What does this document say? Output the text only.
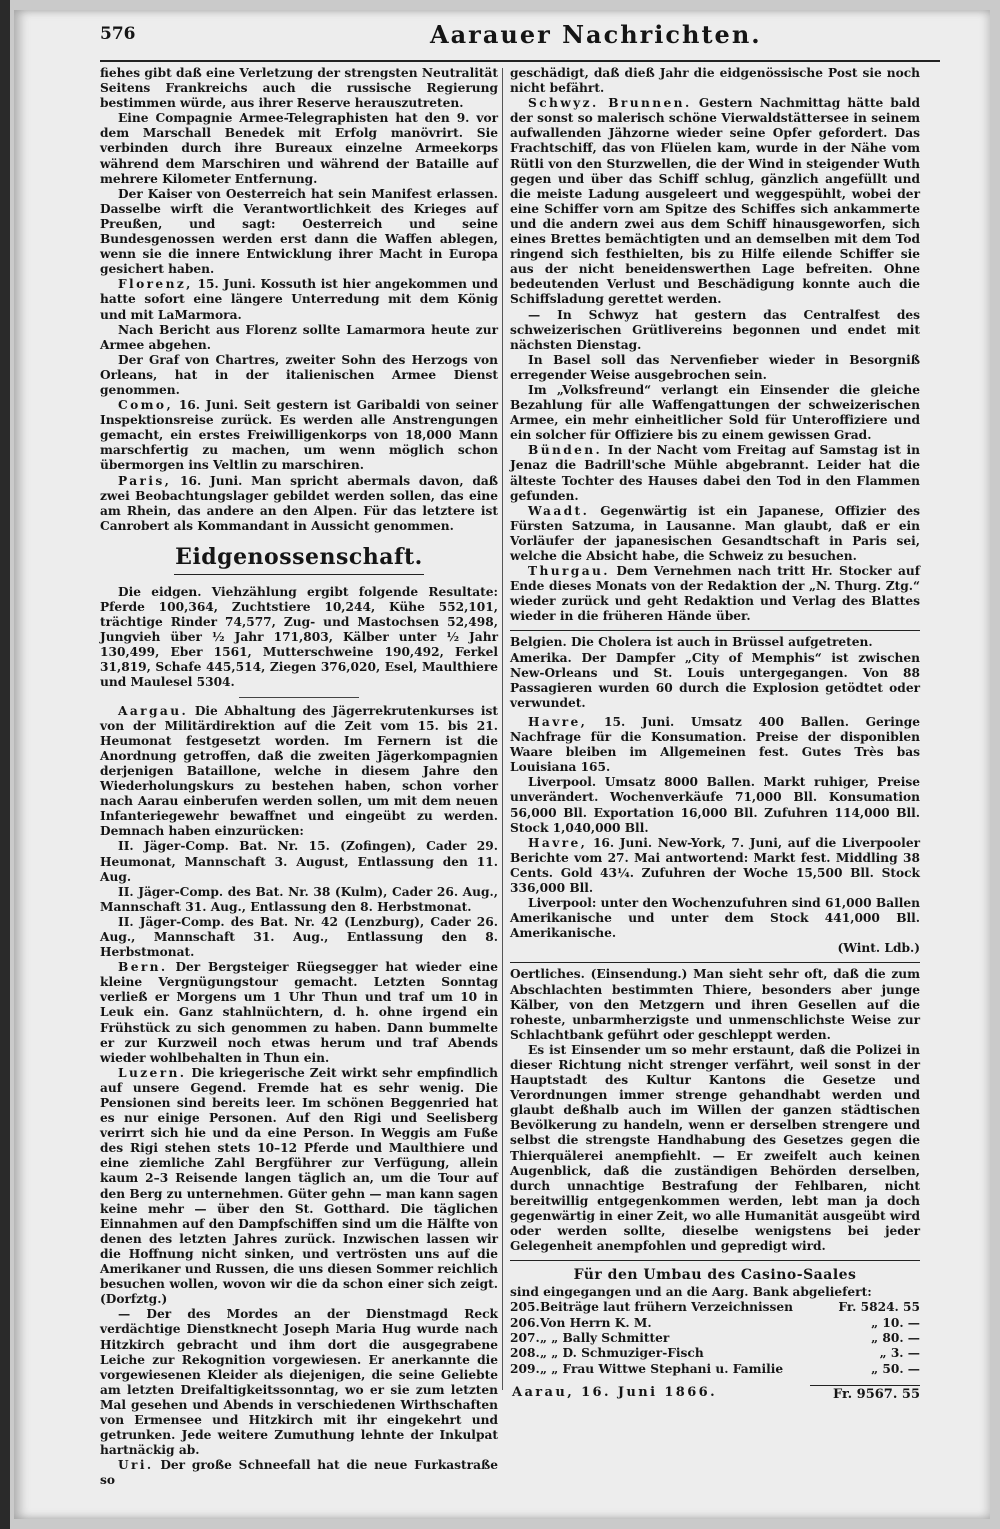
576	Aarauer Nachrichten.

fiehes gibt daß eine Verletzung der strengsten Neutralität Seitens Frankreichs auch die russische Regierung bestimmen würde, aus ihrer Reserve herauszutreten.

Eine Compagnie Armee-Telegraphisten hat den 9. vor dem Marschall Benedek mit Erfolg manövrirt. Sie verbinden durch ihre Bureaux einzelne Armeekorps während dem Marschiren und während der Bataille auf mehrere Kilometer Entfernung.

Der Kaiser von Oesterreich hat sein Manifest erlassen. Dasselbe wirft die Verantwortlichkeit des Krieges auf Preußen, und sagt: Oesterreich und seine Bundesgenossen werden erst dann die Waffen ablegen, wenn sie die innere Entwicklung ihrer Macht in Europa gesichert haben.

Florenz, 15. Juni. Kossuth ist hier angekommen und hatte sofort eine längere Unterredung mit dem König und mit LaMarmora.

Nach Bericht aus Florenz sollte Lamarmora heute zur Armee abgehen.

Der Graf von Chartres, zweiter Sohn des Herzogs von Orleans, hat in der italienischen Armee Dienst genommen.

Como, 16. Juni. Seit gestern ist Garibaldi von seiner Inspektionsreise zurück. Es werden alle Anstrengungen gemacht, ein erstes Freiwilligenkorps von 18,000 Mann marschfertig zu machen, um wenn möglich schon übermorgen ins Veltlin zu marschiren.

Paris, 16. Juni. Man spricht abermals davon, daß zwei Beobachtungslager gebildet werden sollen, das eine am Rhein, das andere an den Alpen. Für das letztere ist Canrobert als Kommandant in Aussicht genommen.

Eidgenossenschaft.

Die eidgen. Viehzählung ergibt folgende Resultate: Pferde 100,364, Zuchtstiere 10,244, Kühe 552,101, trächtige Rinder 74,577, Zug- und Mastochsen 52,498, Jungvieh über ½ Jahr 171,803, Kälber unter ½ Jahr 130,499, Eber 1561, Mutterschweine 190,492, Ferkel 31,819, Schafe 445,514, Ziegen 376,020, Esel, Maulthiere und Maulesel 5304.

Aargau. Die Abhaltung des Jägerrekrutenkurses ist von der Militärdirektion auf die Zeit vom 15. bis 21. Heumonat festgesetzt worden. Im Fernern ist die Anordnung getroffen, daß die zweiten Jägerkompagnien derjenigen Bataillone, welche in diesem Jahre den Wiederholungskurs zu bestehen haben, schon vorher nach Aarau einberufen werden sollen, um mit dem neuen Infanteriegewehr bewaffnet und eingeübt zu werden. Demnach haben einzurücken:

II. Jäger-Comp. Bat. Nr. 15. (Zofingen), Cader 29. Heumonat, Mannschaft 3. August, Entlassung den 11. Aug.

II. Jäger-Comp. des Bat. Nr. 38 (Kulm), Cader 26. Aug., Mannschaft 31. Aug., Entlassung den 8. Herbstmonat.

II. Jäger-Comp. des Bat. Nr. 42 (Lenzburg), Cader 26. Aug., Mannschaft 31. Aug., Entlassung den 8. Herbstmonat.

Bern. Der Bergsteiger Rüegsegger hat wieder eine kleine Vergnügungstour gemacht. Letzten Sonntag verließ er Morgens um 1 Uhr Thun und traf um 10 in Leuk ein. Ganz stahlnüchtern, d. h. ohne irgend ein Frühstück zu sich genommen zu haben. Dann bummelte er zur Kurzweil noch etwas herum und traf Abends wieder wohlbehalten in Thun ein.

Luzern. Die kriegerische Zeit wirkt sehr empfindlich auf unsere Gegend. Fremde hat es sehr wenig. Die Pensionen sind bereits leer. Im schönen Beggenried hat es nur einige Personen. Auf den Rigi und Seelisberg verirrt sich hie und da eine Person. In Weggis am Fuße des Rigi stehen stets 10–12 Pferde und Maulthiere und eine ziemliche Zahl Bergführer zur Verfügung, allein kaum 2–3 Reisende langen täglich an, um die Tour auf den Berg zu unternehmen. Güter gehn — man kann sagen keine mehr — über den St. Gotthard. Die täglichen Einnahmen auf den Dampfschiffen sind um die Hälfte von denen des letzten Jahres zurück. Inzwischen lassen wir die Hoffnung nicht sinken, und vertrösten uns auf die Amerikaner und Russen, die uns diesen Sommer reichlich besuchen wollen, wovon wir die da schon einer sich zeigt. (Dorfztg.)

— Der des Mordes an der Dienstmagd Reck verdächtige Dienstknecht Joseph Maria Hug wurde nach Hitzkirch gebracht und ihm dort die ausgegrabene Leiche zur Rekognition vorgewiesen. Er anerkannte die vorgewiesenen Kleider als diejenigen, die seine Geliebte am letzten Dreifaltigkeitssonntag, wo er sie zum letzten Mal gesehen und Abends in verschiedenen Wirthschaften von Ermensee und Hitzkirch mit ihr eingekehrt und getrunken. Jede weitere Zumuthung lehnte der Inkulpat hartnäckig ab.

Uri. Der große Schneefall hat die neue Furkastraße so

geschädigt, daß dieß Jahr die eidgenössische Post sie noch nicht befährt.

Schwyz. Brunnen. Gestern Nachmittag hätte bald der sonst so malerisch schöne Vierwaldstättersee in seinem aufwallenden Jähzorne wieder seine Opfer gefordert. Das Frachtschiff, das von Flüelen kam, wurde in der Nähe vom Rütli von den Sturzwellen, die der Wind in steigender Wuth gegen und über das Schiff schlug, gänzlich angefüllt und die meiste Ladung ausgeleert und weggespühlt, wobei der eine Schiffer vorn am Spitze des Schiffes sich ankammerte und die andern zwei aus dem Schiff hinausgeworfen, sich eines Brettes bemächtigten und an demselben mit dem Tod ringend sich festhielten, bis zu Hilfe eilende Schiffer sie aus der nicht beneidenswerthen Lage befreiten. Ohne bedeutenden Verlust und Beschädigung konnte auch die Schiffsladung gerettet werden.

— In Schwyz hat gestern das Centralfest des schweizerischen Grütlivereins begonnen und endet mit nächsten Dienstag.

In Basel soll das Nervenfieber wieder in Besorgniß erregender Weise ausgebrochen sein.

Im „Volksfreund“ verlangt ein Einsender die gleiche Bezahlung für alle Waffengattungen der schweizerischen Armee, ein mehr einheitlicher Sold für Unteroffiziere und ein solcher für Offiziere bis zu einem gewissen Grad.

Bünden. In der Nacht vom Freitag auf Samstag ist in Jenaz die Badrill'sche Mühle abgebrannt. Leider hat die älteste Tochter des Hauses dabei den Tod in den Flammen gefunden.

Waadt. Gegenwärtig ist ein Japanese, Offizier des Fürsten Satzuma, in Lausanne. Man glaubt, daß er ein Vorläufer der japanesischen Gesandtschaft in Paris sei, welche die Absicht habe, die Schweiz zu besuchen.

Thurgau. Dem Vernehmen nach tritt Hr. Stocker auf Ende dieses Monats von der Redaktion der „N. Thurg. Ztg.“ wieder zurück und geht Redaktion und Verlag des Blattes wieder in die früheren Hände über.

Belgien. Die Cholera ist auch in Brüssel aufgetreten.

Amerika. Der Dampfer „City of Memphis“ ist zwischen New-Orleans und St. Louis untergegangen. Von 88 Passagieren wurden 60 durch die Explosion getödtet oder verwundet.

Havre, 15. Juni. Umsatz 400 Ballen. Geringe Nachfrage für die Konsumation. Preise der disponiblen Waare bleiben im Allgemeinen fest. Gutes Très bas Louisiana 165.

Liverpool. Umsatz 8000 Ballen. Markt ruhiger, Preise unverändert. Wochenverkäufe 71,000 Bll. Konsumation 56,000 Bll. Exportation 16,000 Bll. Zufuhren 114,000 Bll. Stock 1,040,000 Bll.

Havre, 16. Juni. New-York, 7. Juni, auf die Liverpooler Berichte vom 27. Mai antwortend: Markt fest. Middling 38 Cents. Gold 43¼. Zufuhren der Woche 15,500 Bll. Stock 336,000 Bll.

Liverpool: unter den Wochenzufuhren sind 61,000 Ballen Amerikanische und unter dem Stock 441,000 Bll. Amerikanische.

(Wint. Ldb.)

Oertliches. (Einsendung.) Man sieht sehr oft, daß die zum Abschlachten bestimmten Thiere, besonders aber junge Kälber, von den Metzgern und ihren Gesellen auf die roheste, unbarmherzigste und unmenschlichste Weise zur Schlachtbank geführt oder geschleppt werden.

Es ist Einsender um so mehr erstaunt, daß die Polizei in dieser Richtung nicht strenger verfährt, weil sonst in der Hauptstadt des Kultur Kantons die Gesetze und Verordnungen immer strenge gehandhabt werden und glaubt deßhalb auch im Willen der ganzen städtischen Bevölkerung zu handeln, wenn er derselben strengere und selbst die strengste Handhabung des Gesetzes gegen die Thierquälerei anempfiehlt. — Er zweifelt auch keinen Augenblick, daß die zuständigen Behörden derselben, durch unnachtige Bestrafung der Fehlbaren, nicht bereitwillig entgegenkommen werden, lebt man ja doch gegenwärtig in einer Zeit, wo alle Humanität ausgeübt wird oder werden sollte, dieselbe wenigstens bei jeder Gelegenheit anempfohlen und gepredigt wird.

Für den Umbau des Casino-Saales

sind eingegangen und an die Aarg. Bank abgeliefert:

205. Beiträge laut frühern Verzeichnissen	Fr. 5824. 55
206. Von Herrn K. M.	„ 10. —
207. „ „ Bally Schmitter	„ 80. —
208. „ „ D. Schmuziger-Fisch	„ 3. —
209. „ „ Frau Wittwe Stephani u. Familie	„ 50. —
Aarau, 16. Juni 1866.	Fr. 9567. 55
